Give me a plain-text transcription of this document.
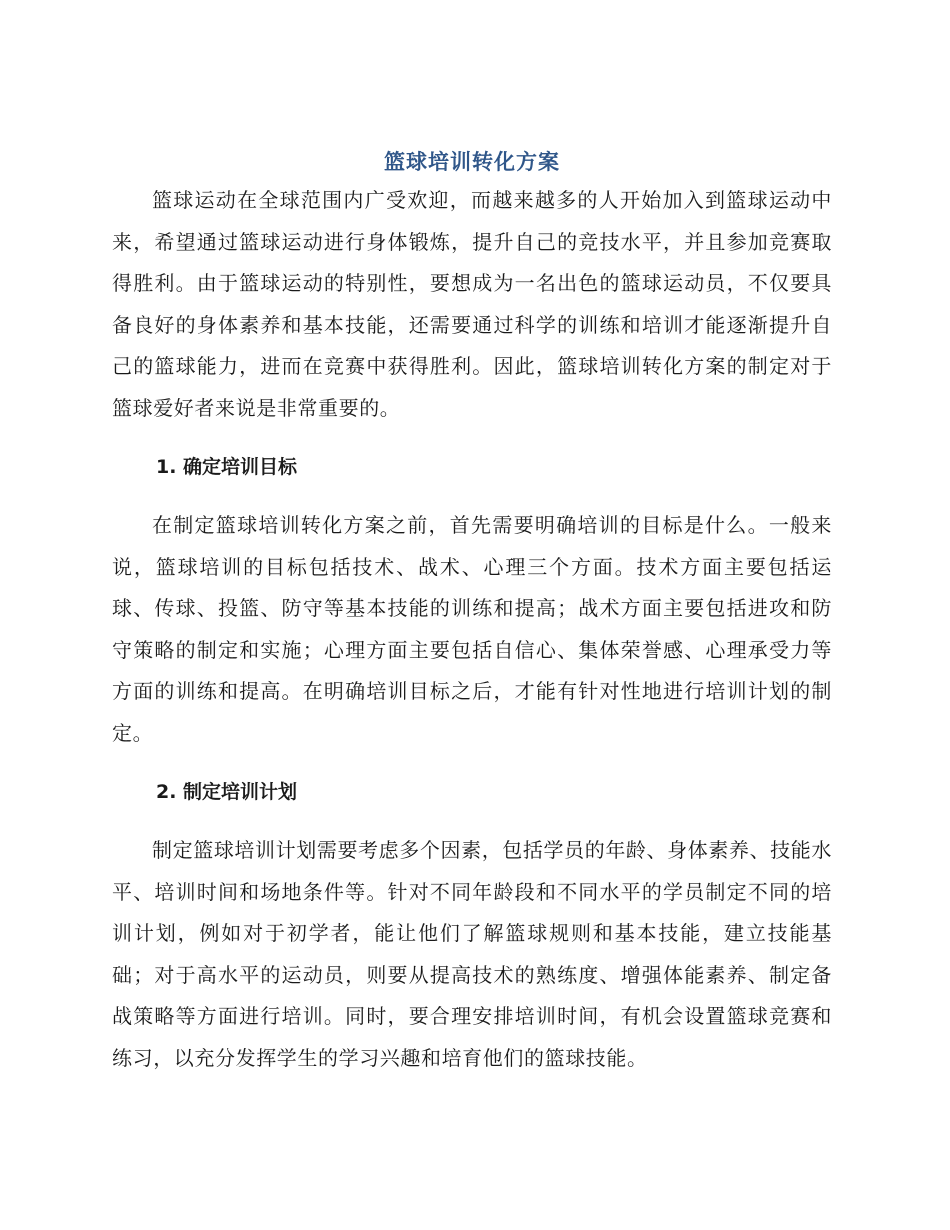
篮球培训转化方案

篮球运动在全球范围内广受欢迎，而越来越多的人开始加入到篮球运动中来，希望通过篮球运动进行身体锻炼，提升自己的竞技水平，并且参加竞赛取得胜利。由于篮球运动的特别性，要想成为一名出色的篮球运动员，不仅要具备良好的身体素养和基本技能，还需要通过科学的训练和培训才能逐渐提升自己的篮球能力，进而在竞赛中获得胜利。因此，篮球培训转化方案的制定对于篮球爱好者来说是非常重要的。

1. 确定培训目标

在制定篮球培训转化方案之前，首先需要明确培训的目标是什么。一般来说，篮球培训的目标包括技术、战术、心理三个方面。技术方面主要包括运球、传球、投篮、防守等基本技能的训练和提高；战术方面主要包括进攻和防守策略的制定和实施；心理方面主要包括自信心、集体荣誉感、心理承受力等方面的训练和提高。在明确培训目标之后，才能有针对性地进行培训计划的制定。

2. 制定培训计划

制定篮球培训计划需要考虑多个因素，包括学员的年龄、身体素养、技能水平、培训时间和场地条件等。针对不同年龄段和不同水平的学员制定不同的培训计划，例如对于初学者，能让他们了解篮球规则和基本技能，建立技能基础；对于高水平的运动员，则要从提高技术的熟练度、增强体能素养、制定备战策略等方面进行培训。同时，要合理安排培训时间，有机会设置篮球竞赛和练习，以充分发挥学生的学习兴趣和培育他们的篮球技能。
